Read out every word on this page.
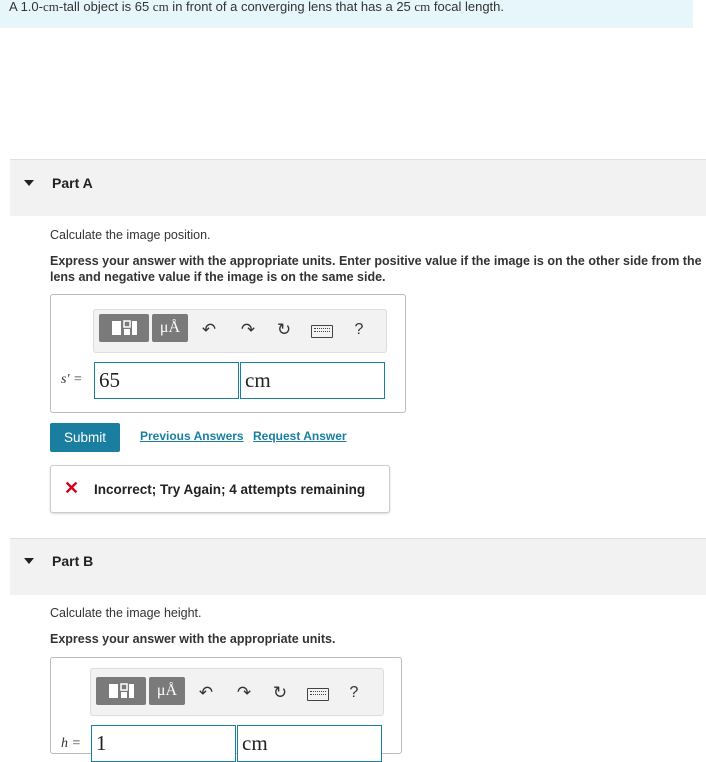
A 1.0-cm-tall object is 65 cm in front of a converging lens that has a 25 cm focal length.
Part A
Calculate the image position.
Express your answer with the appropriate units. Enter positive value if the image is on the other side from the lens and negative value if the image is on the same side.
μÅ	↶ ↷ ↻	?
s′ = 65	cm
Submit	Previous Answers Request Answer
✕ Incorrect; Try Again; 4 attempts remaining
Part B
Calculate the image height.
Express your answer with the appropriate units.
μÅ	↶ ↷ ↻	?
h = 1	cm
